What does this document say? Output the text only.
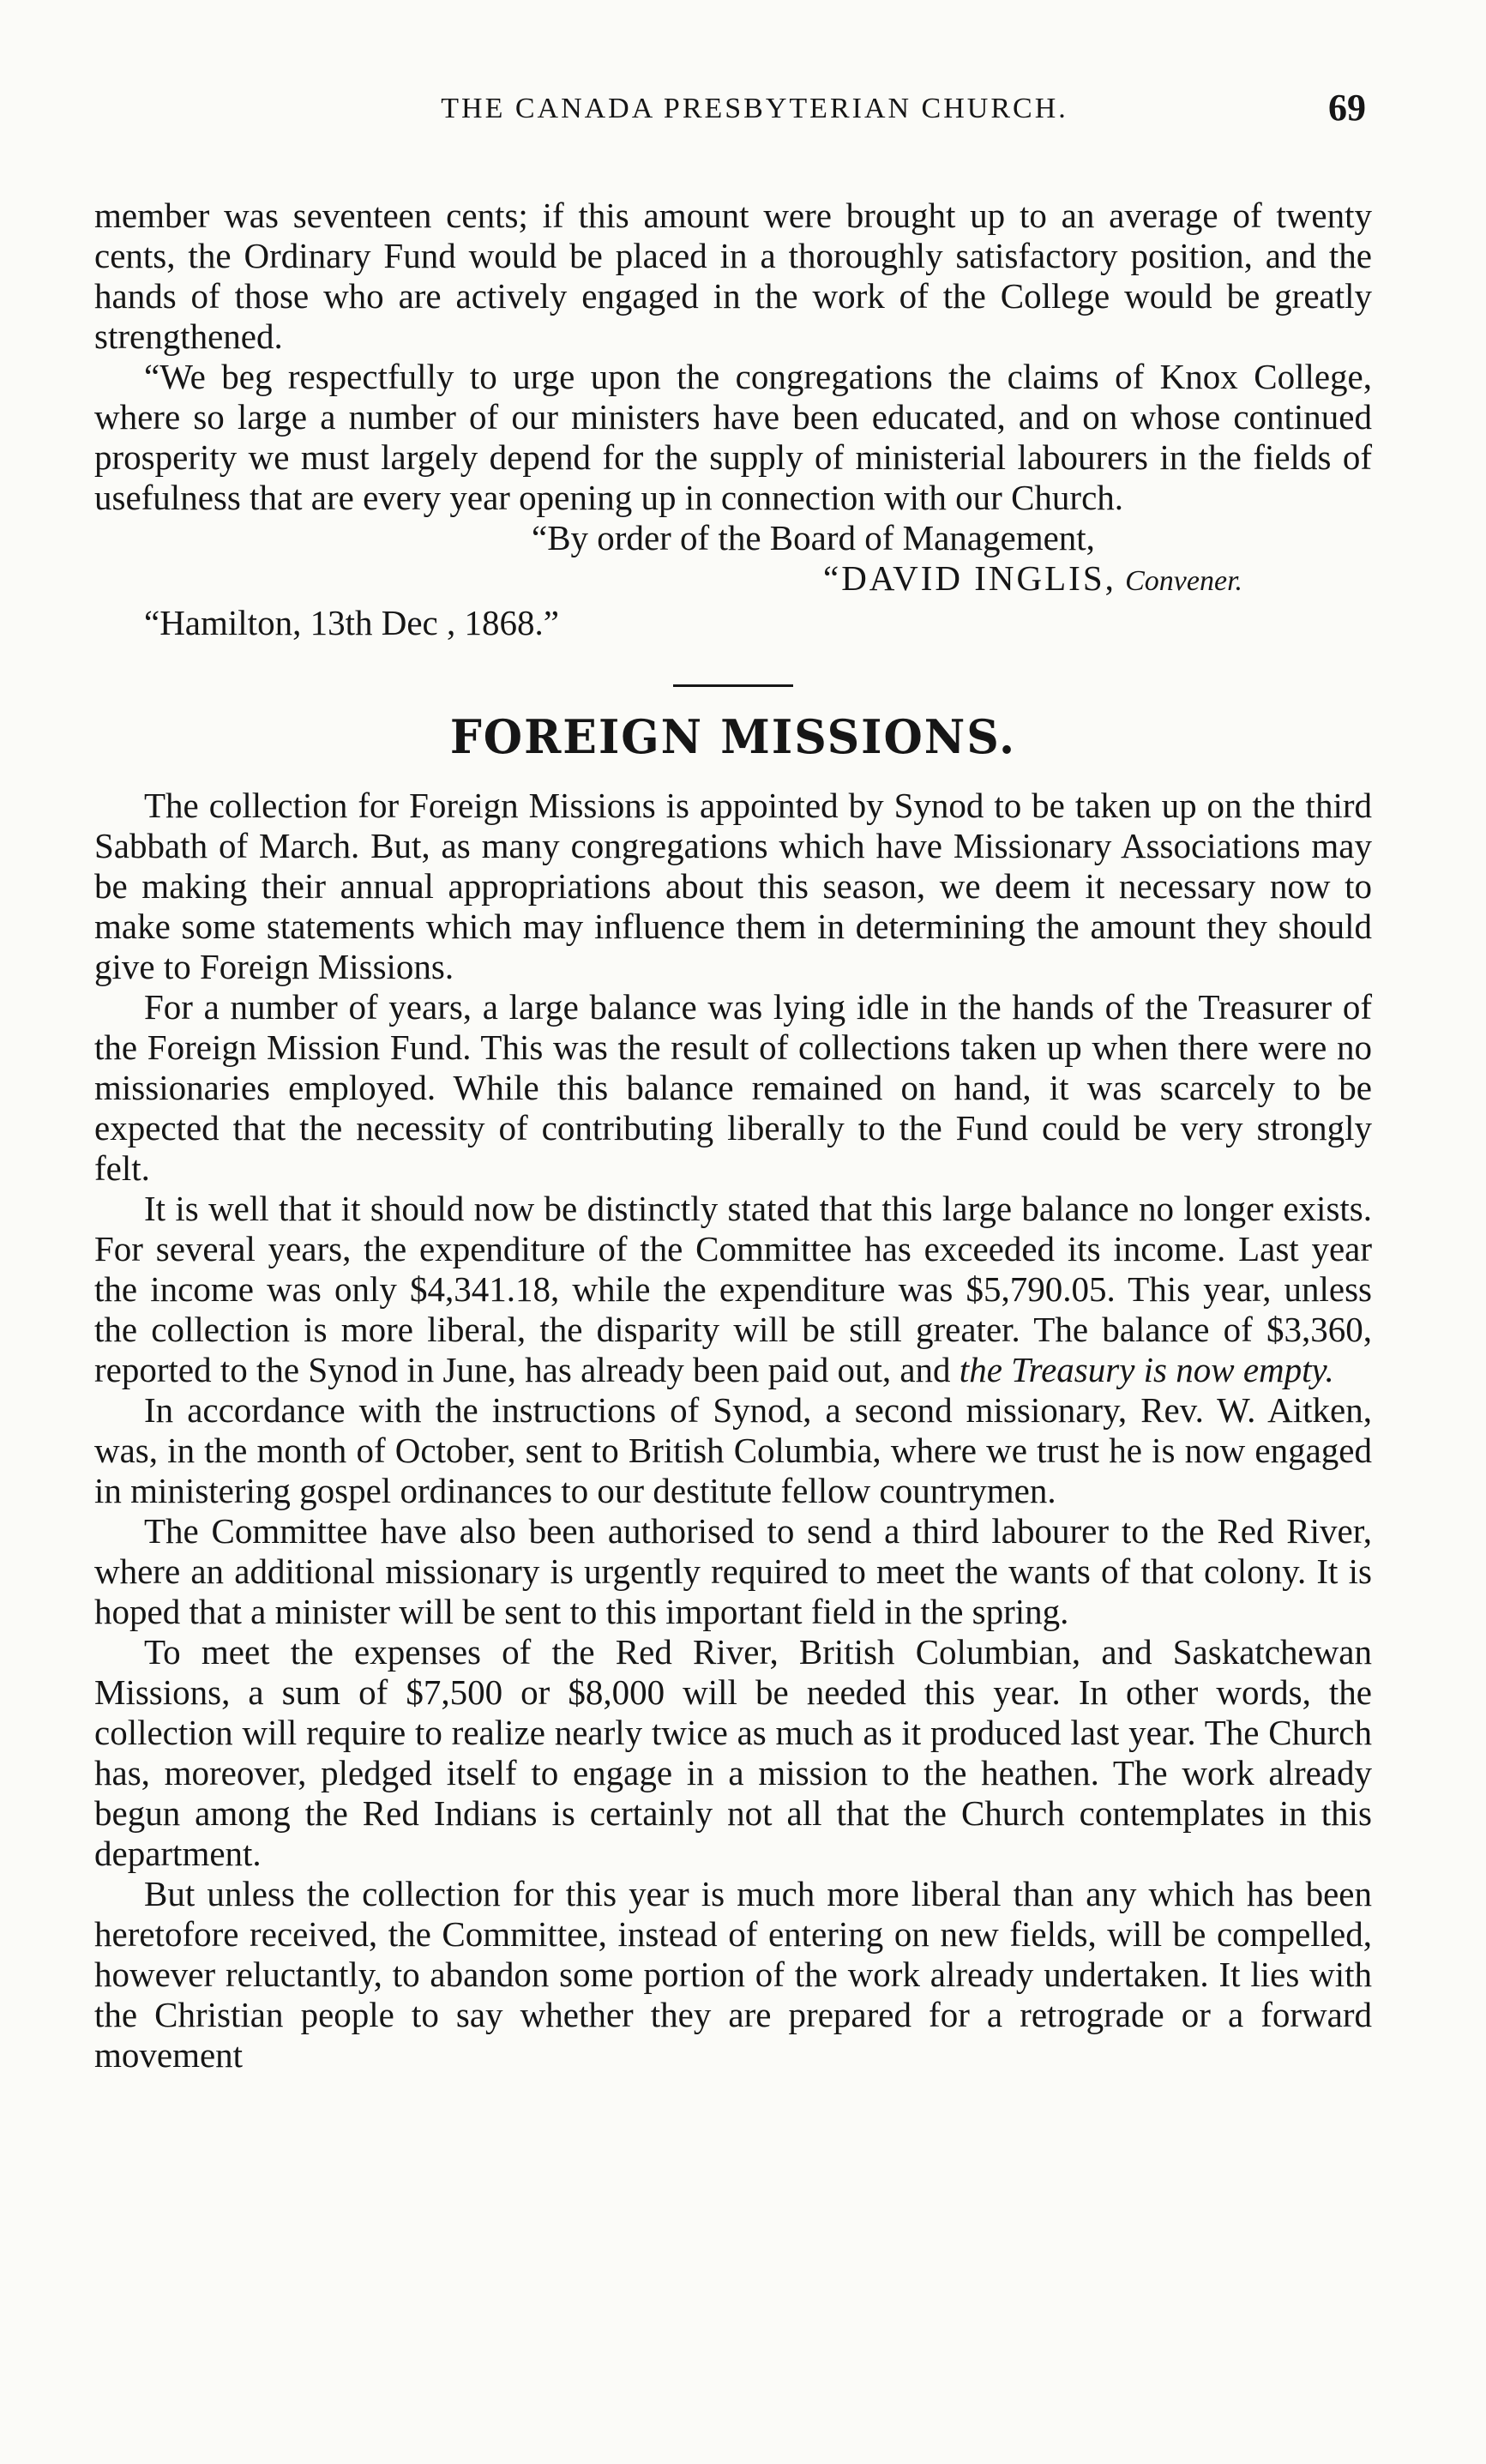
THE CANADA PRESBYTERIAN CHURCH.	69

member was seventeen cents; if this amount were brought up to an average of twenty cents, the Ordinary Fund would be placed in a thoroughly satisfactory position, and the hands of those who are actively engaged in the work of the College would be greatly strengthened.

“We beg respectfully to urge upon the congregations the claims of Knox College, where so large a number of our ministers have been educated, and on whose continued prosperity we must largely depend for the supply of ministerial labourers in the fields of usefulness that are every year opening up in connection with our Church.

“By order of the Board of Management,
“DAVID INGLIS, Convener.
“Hamilton, 13th Dec , 1868.”
FOREIGN MISSIONS.

The collection for Foreign Missions is appointed by Synod to be taken up on the third Sabbath of March. But, as many congregations which have Missionary Associations may be making their annual appropriations about this season, we deem it necessary now to make some statements which may influence them in determining the amount they should give to Foreign Missions.

For a number of years, a large balance was lying idle in the hands of the Treasurer of the Foreign Mission Fund. This was the result of collections taken up when there were no missionaries employed. While this balance remained on hand, it was scarcely to be expected that the necessity of contributing liberally to the Fund could be very strongly felt.

It is well that it should now be distinctly stated that this large balance no longer exists. For several years, the expenditure of the Committee has exceeded its income. Last year the income was only $4,341.18, while the expenditure was $5,790.05. This year, unless the collection is more liberal, the disparity will be still greater. The balance of $3,360, reported to the Synod in June, has already been paid out, and the Treasury is now empty.

In accordance with the instructions of Synod, a second missionary, Rev. W. Aitken, was, in the month of October, sent to British Columbia, where we trust he is now engaged in ministering gospel ordinances to our destitute fellow countrymen.

The Committee have also been authorised to send a third labourer to the Red River, where an additional missionary is urgently required to meet the wants of that colony. It is hoped that a minister will be sent to this important field in the spring.

To meet the expenses of the Red River, British Columbian, and Saskatchewan Missions, a sum of $7,500 or $8,000 will be needed this year. In other words, the collection will require to realize nearly twice as much as it produced last year. The Church has, moreover, pledged itself to engage in a mission to the heathen. The work already begun among the Red Indians is certainly not all that the Church contemplates in this department.

But unless the collection for this year is much more liberal than any which has been heretofore received, the Committee, instead of entering on new fields, will be compelled, however reluctantly, to abandon some portion of the work already undertaken. It lies with the Christian people to say whether they are prepared for a retrograde or a forward movement
